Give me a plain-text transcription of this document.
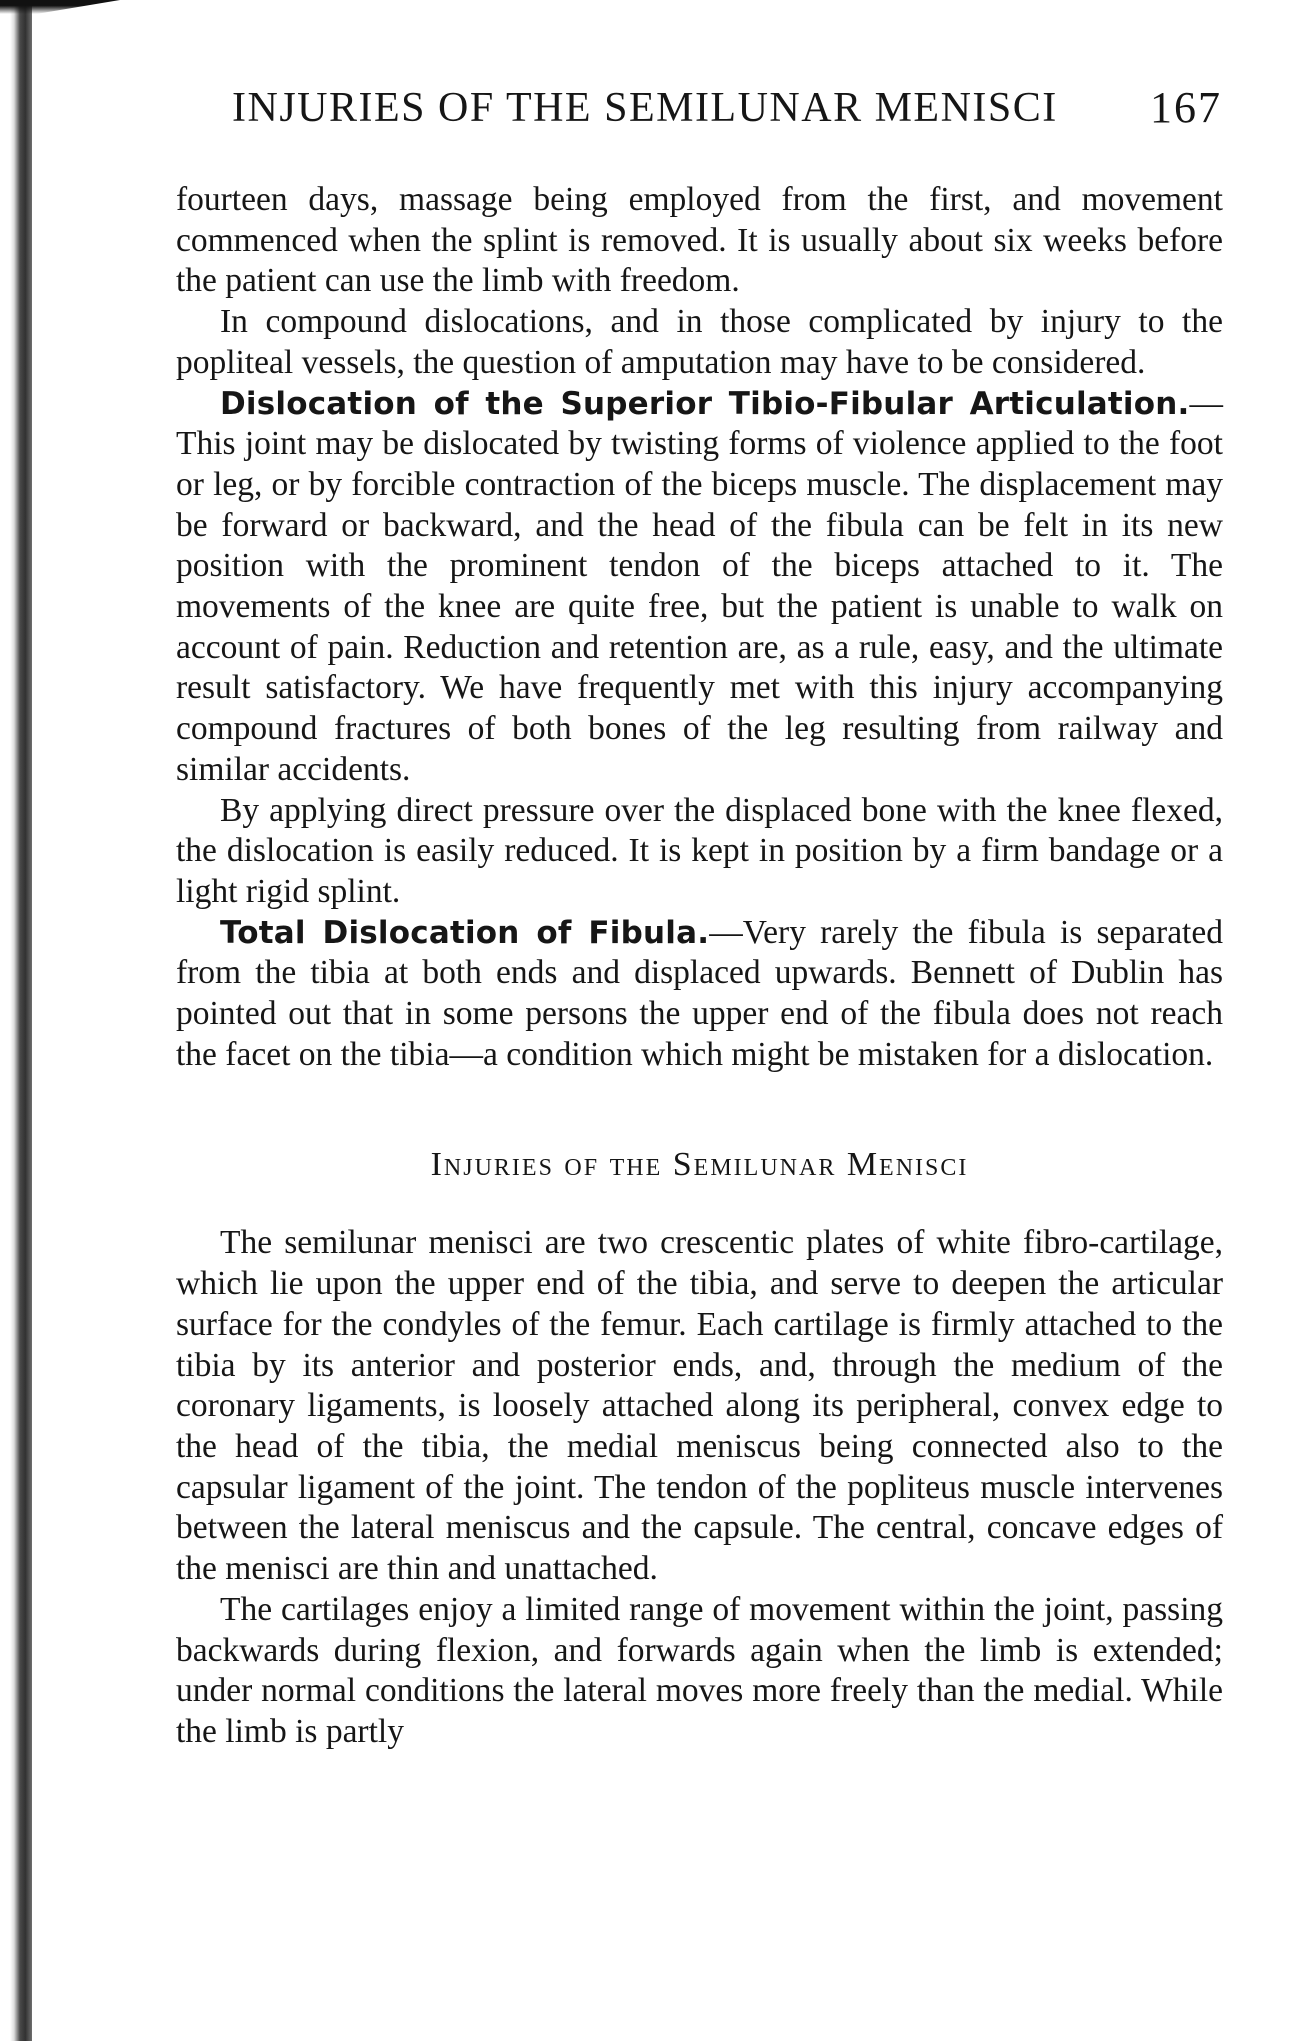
INJURIES OF THE SEMILUNAR MENISCI 167

fourteen days, massage being employed from the first, and movement commenced when the splint is removed. It is usually about six weeks before the patient can use the limb with freedom.

In compound dislocations, and in those complicated by injury to the popliteal vessels, the question of amputation may have to be considered.

Dislocation of the Superior Tibio-Fibular Articulation.—This joint may be dislocated by twisting forms of violence applied to the foot or leg, or by forcible contraction of the biceps muscle. The displacement may be forward or backward, and the head of the fibula can be felt in its new position with the prominent tendon of the biceps attached to it. The movements of the knee are quite free, but the patient is unable to walk on account of pain. Reduction and retention are, as a rule, easy, and the ultimate result satisfactory. We have frequently met with this injury accompanying compound fractures of both bones of the leg resulting from railway and similar accidents.

By applying direct pressure over the displaced bone with the knee flexed, the dislocation is easily reduced. It is kept in position by a firm bandage or a light rigid splint.

Total Dislocation of Fibula.—Very rarely the fibula is separated from the tibia at both ends and displaced upwards. Bennett of Dublin has pointed out that in some persons the upper end of the fibula does not reach the facet on the tibia—a condition which might be mistaken for a dislocation.

Injuries of the Semilunar Menisci

The semilunar menisci are two crescentic plates of white fibro-cartilage, which lie upon the upper end of the tibia, and serve to deepen the articular surface for the condyles of the femur. Each cartilage is firmly attached to the tibia by its anterior and posterior ends, and, through the medium of the coronary ligaments, is loosely attached along its peripheral, convex edge to the head of the tibia, the medial meniscus being connected also to the capsular ligament of the joint. The tendon of the popliteus muscle intervenes between the lateral meniscus and the capsule. The central, concave edges of the menisci are thin and unattached.

The cartilages enjoy a limited range of movement within the joint, passing backwards during flexion, and forwards again when the limb is extended; under normal conditions the lateral moves more freely than the medial. While the limb is partly
